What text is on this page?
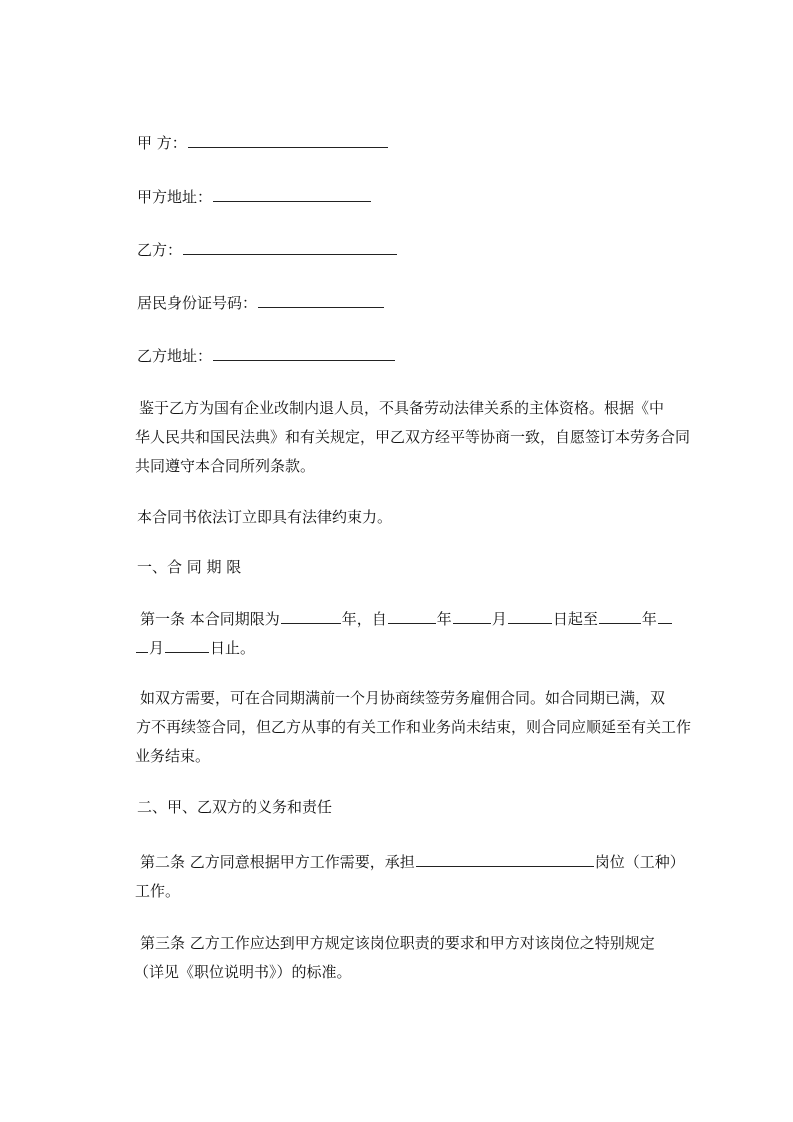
甲 方：
甲方地址：
乙方：
居民身份证号码：
乙方地址：
鉴于乙方为国有企业改制内退人员，不具备劳动法律关系的主体资格。根据《中
华人民共和国民法典》和有关规定，甲乙双方经平等协商一致，自愿签订本劳务合同
共同遵守本合同所列条款。
本合同书依法订立即具有法律约束力。
一、合 同 期 限
第一条 本合同期限为	年，自	年	月	日起至	年
月	日止。
如双方需要，可在合同期满前一个月协商续签劳务雇佣合同。如合同期已满，双
方不再续签合同，但乙方从事的有关工作和业务尚未结束，则合同应顺延至有关工作
业务结束。
二、甲、乙双方的义务和责任
第二条 乙方同意根据甲方工作需要，承担	岗位（工种）
工作。
第三条 乙方工作应达到甲方规定该岗位职责的要求和甲方对该岗位之特别规定
（详见《职位说明书》）的标准。
